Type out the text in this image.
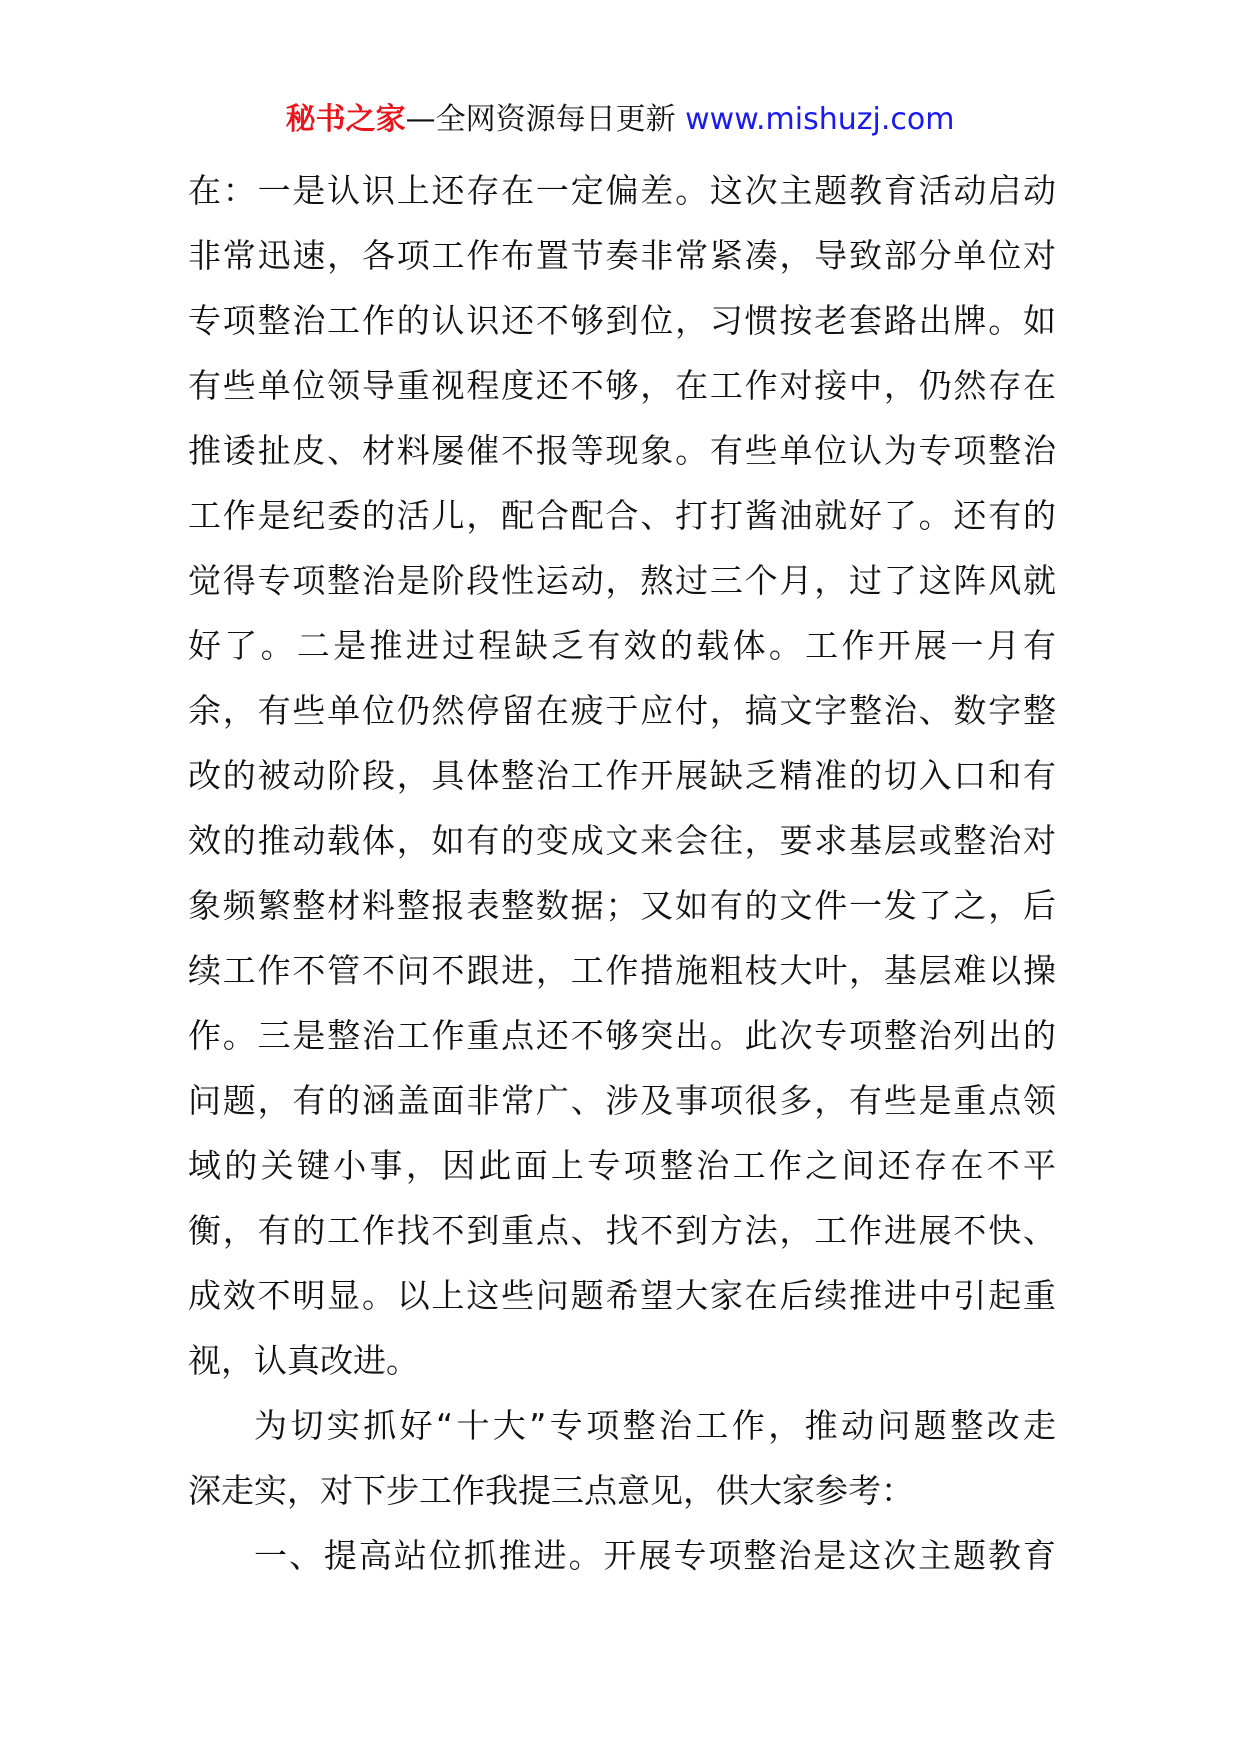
秘书之家—全网资源每日更新 www.mishuzj.com
在：一是认识上还存在一定偏差。这次主题教育活动启动
非常迅速，各项工作布置节奏非常紧凑，导致部分单位对
专项整治工作的认识还不够到位，习惯按老套路出牌。如
有些单位领导重视程度还不够，在工作对接中，仍然存在
推诿扯皮、材料屡催不报等现象。有些单位认为专项整治
工作是纪委的活儿，配合配合、打打酱油就好了。还有的
觉得专项整治是阶段性运动，熬过三个月，过了这阵风就
好了。二是推进过程缺乏有效的载体。工作开展一月有
余，有些单位仍然停留在疲于应付，搞文字整治、数字整
改的被动阶段，具体整治工作开展缺乏精准的切入口和有
效的推动载体，如有的变成文来会往，要求基层或整治对
象频繁整材料整报表整数据；又如有的文件一发了之，后
续工作不管不问不跟进，工作措施粗枝大叶，基层难以操
作。三是整治工作重点还不够突出。此次专项整治列出的
问题，有的涵盖面非常广、涉及事项很多，有些是重点领
域的关键小事，因此面上专项整治工作之间还存在不平
衡，有的工作找不到重点、找不到方法，工作进展不快、
成效不明显。以上这些问题希望大家在后续推进中引起重
视，认真改进。
为切实抓好“十大”专项整治工作，推动问题整改走
深走实，对下步工作我提三点意见，供大家参考：
一、提高站位抓推进。开展专项整治是这次主题教育
